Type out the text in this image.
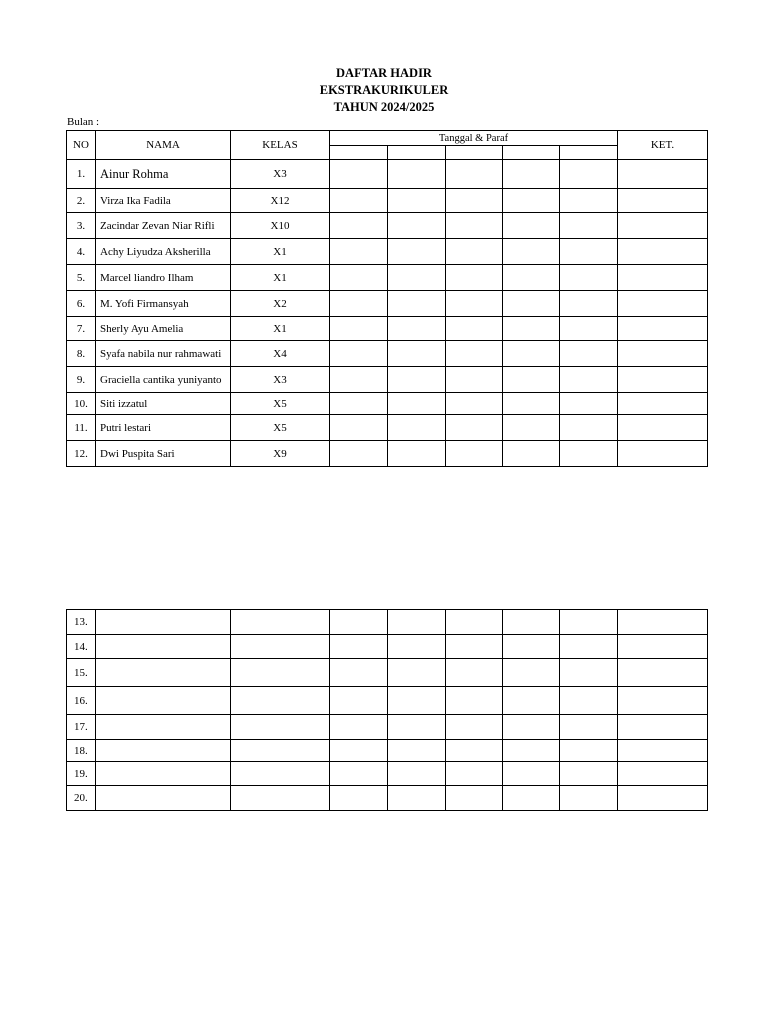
DAFTAR HADIR
EKSTRAKURIKULER
TAHUN 2024/2025
Bulan :
NO	NAMA	KELAS	Tanggal & Paraf					KET.

1.	Ainur Rohma	X3						
2.	Virza Ika Fadila	X12						
3.	Zacindar Zevan Niar Rifli	X10						
4.	Achy Liyudza Aksherilla	X1						
5.	Marcel liandro Ilham	X1						
6.	M. Yofi Firmansyah	X2						
7.	Sherly Ayu Amelia	X1						
8.	Syafa nabila nur rahmawati	X4						
9.	Graciella cantika yuniyanto	X3						
10.	Siti izzatul	X5						
11.	Putri lestari	X5						
12.	Dwi Puspita Sari	X9						
13.								
14.								
15.								
16.								
17.								
18.								
19.								
20.								
